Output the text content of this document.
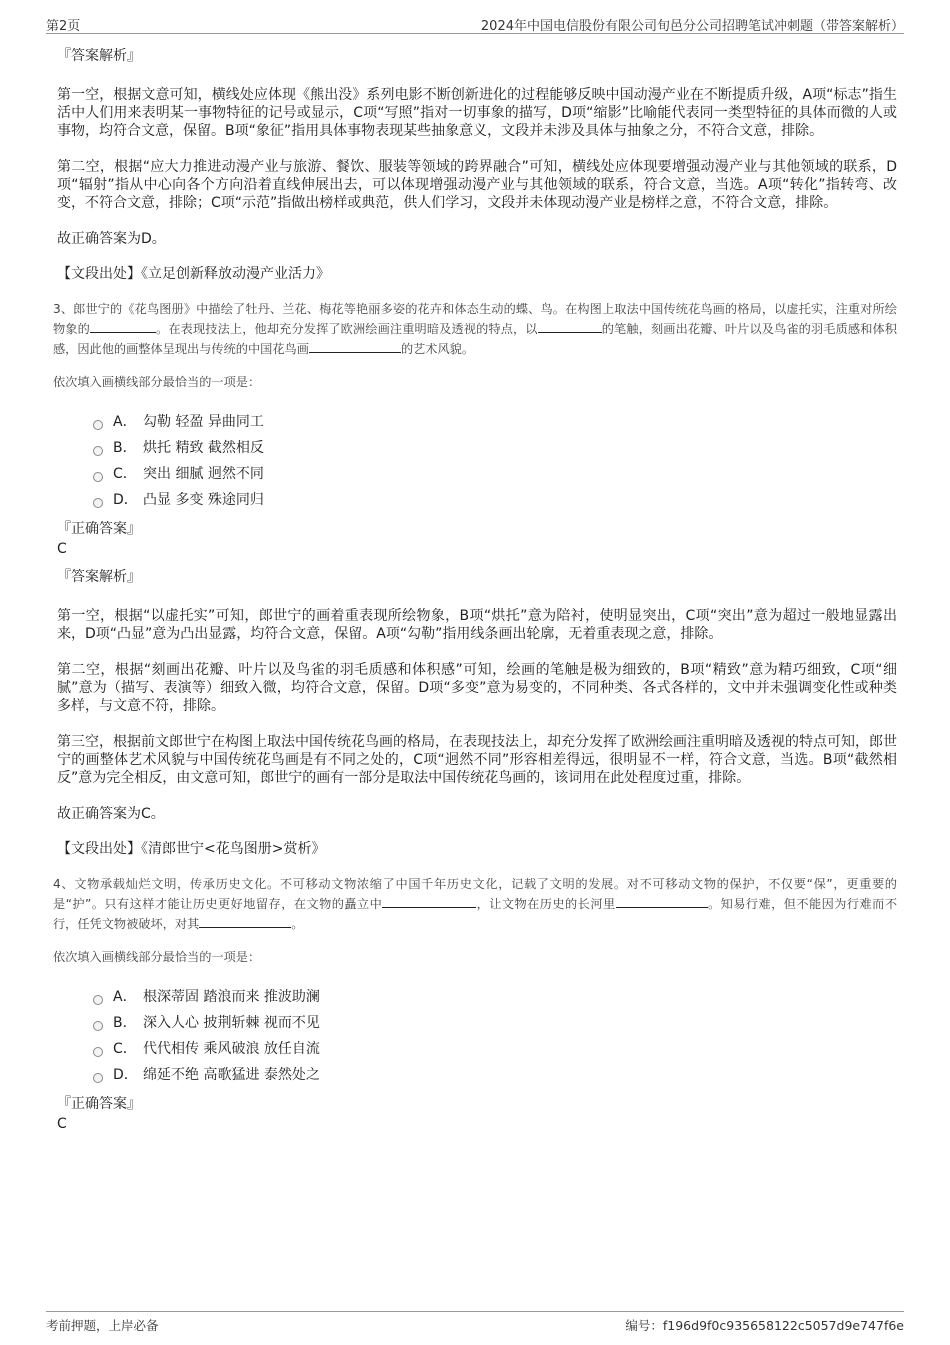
第2页	2024年中国电信股份有限公司旬邑分公司招聘笔试冲刺题（带答案解析）
『答案解析』

第一空，根据文意可知，横线处应体现《熊出没》系列电影不断创新进化的过程能够反映中国动漫产业在不断提质升级，A项“标志”指生活中人们用来表明某一事物特征的记号或显示，C项“写照”指对一切事象的描写，D项“缩影”比喻能代表同一类型特征的具体而微的人或事物，均符合文意，保留。B项“象征”指用具体事物表现某些抽象意义，文段并未涉及具体与抽象之分，不符合文意，排除。

第二空，根据“应大力推进动漫产业与旅游、餐饮、服装等领域的跨界融合”可知，横线处应体现要增强动漫产业与其他领域的联系，D项“辐射”指从中心向各个方向沿着直线伸展出去，可以体现增强动漫产业与其他领域的联系，符合文意，当选。A项“转化”指转弯、改变，不符合文意，排除；C项“示范”指做出榜样或典范，供人们学习，文段并未体现动漫产业是榜样之意，不符合文意，排除。

故正确答案为D。

【文段出处】《立足创新释放动漫产业活力》
3、郎世宁的《花鸟图册》中描绘了牡丹、兰花、梅花等艳丽多姿的花卉和体态生动的蝶、鸟。在构图上取法中国传统花鸟画的格局，以虚托实，注重对所绘物象的	。在表现技法上，他却充分发挥了欧洲绘画注重明暗及透视的特点，以	的笔触，刻画出花瓣、叶片以及鸟雀的羽毛质感和体积感，因此他的画整体呈现出与传统的中国花鸟画	的艺术风貌。
依次填入画横线部分最恰当的一项是：
A． 勾勒 轻盈 异曲同工
B． 烘托 精致 截然相反
C． 突出 细腻 迥然不同
D． 凸显 多变 殊途同归
『正确答案』
C
『答案解析』

第一空，根据“以虚托实”可知，郎世宁的画着重表现所绘物象，B项“烘托”意为陪衬，使明显突出，C项“突出”意为超过一般地显露出来，D项“凸显”意为凸出显露，均符合文意，保留。A项“勾勒”指用线条画出轮廓，无着重表现之意，排除。

第二空，根据“刻画出花瓣、叶片以及鸟雀的羽毛质感和体积感”可知，绘画的笔触是极为细致的，B项“精致”意为精巧细致，C项“细腻”意为（描写、表演等）细致入微，均符合文意，保留。D项“多变”意为易变的，不同种类、各式各样的，文中并未强调变化性或种类多样，与文意不符，排除。

第三空，根据前文郎世宁在构图上取法中国传统花鸟画的格局，在表现技法上，却充分发挥了欧洲绘画注重明暗及透视的特点可知，郎世宁的画整体艺术风貌与中国传统花鸟画是有不同之处的，C项“迥然不同”形容相差得远，很明显不一样，符合文意，当选。B项“截然相反”意为完全相反，由文意可知，郎世宁的画有一部分是取法中国传统花鸟画的，该词用在此处程度过重，排除。

故正确答案为C。

【文段出处】《清郎世宁<花鸟图册>赏析》
4、文物承载灿烂文明，传承历史文化。不可移动文物浓缩了中国千年历史文化，记载了文明的发展。对不可移动文物的保护，不仅要“保”，更重要的是“护”。只有这样才能让历史更好地留存，在文物的矗立中	，让文物在历史的长河里	。知易行难，但不能因为行难而不行，任凭文物被破坏，对其	。
依次填入画横线部分最恰当的一项是：
A． 根深蒂固 踏浪而来 推波助澜
B． 深入人心 披荆斩棘 视而不见
C． 代代相传 乘风破浪 放任自流
D． 绵延不绝 高歌猛进 泰然处之
『正确答案』
C
考前押题，上岸必备	编号：f196d9f0c935658122c5057d9e747f6e
